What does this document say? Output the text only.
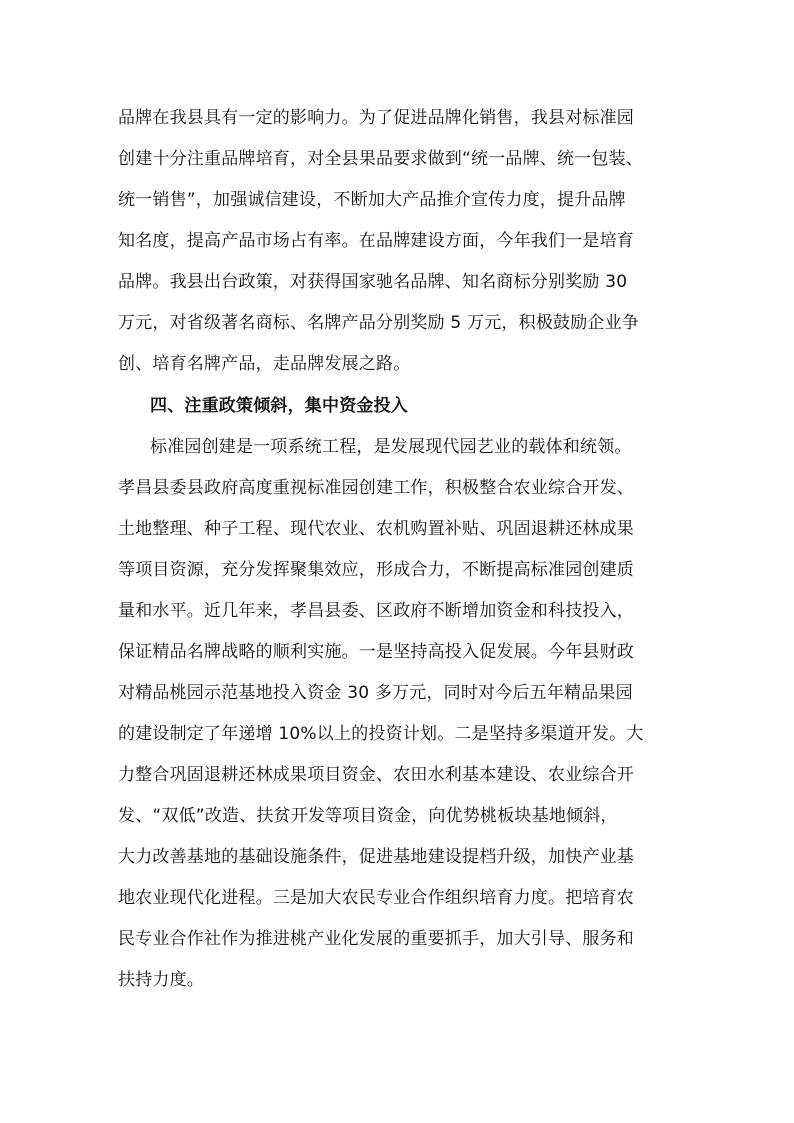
品牌在我县具有一定的影响力。为了促进品牌化销售，我县对标准园
创建十分注重品牌培育，对全县果品要求做到“统一品牌、统一包装、
统一销售”，加强诚信建设，不断加大产品推介宣传力度，提升品牌
知名度，提高产品市场占有率。在品牌建设方面，今年我们一是培育
品牌。我县出台政策，对获得国家驰名品牌、知名商标分别奖励 30
万元，对省级著名商标、名牌产品分别奖励 5 万元，积极鼓励企业争
创、培育名牌产品，走品牌发展之路。
四、注重政策倾斜，集中资金投入
标准园创建是一项系统工程，是发展现代园艺业的载体和统领。
孝昌县委县政府高度重视标准园创建工作，积极整合农业综合开发、
土地整理、种子工程、现代农业、农机购置补贴、巩固退耕还林成果
等项目资源，充分发挥聚集效应，形成合力，不断提高标准园创建质
量和水平。近几年来，孝昌县委、区政府不断增加资金和科技投入，
保证精品名牌战略的顺利实施。一是坚持高投入促发展。今年县财政
对精品桃园示范基地投入资金 30 多万元，同时对今后五年精品果园
的建设制定了年递增 10%以上的投资计划。二是坚持多渠道开发。大
力整合巩固退耕还林成果项目资金、农田水利基本建设、农业综合开
发、“双低”改造、扶贫开发等项目资金，向优势桃板块基地倾斜，
大力改善基地的基础设施条件，促进基地建设提档升级，加快产业基
地农业现代化进程。三是加大农民专业合作组织培育力度。把培育农
民专业合作社作为推进桃产业化发展的重要抓手，加大引导、服务和
扶持力度。
